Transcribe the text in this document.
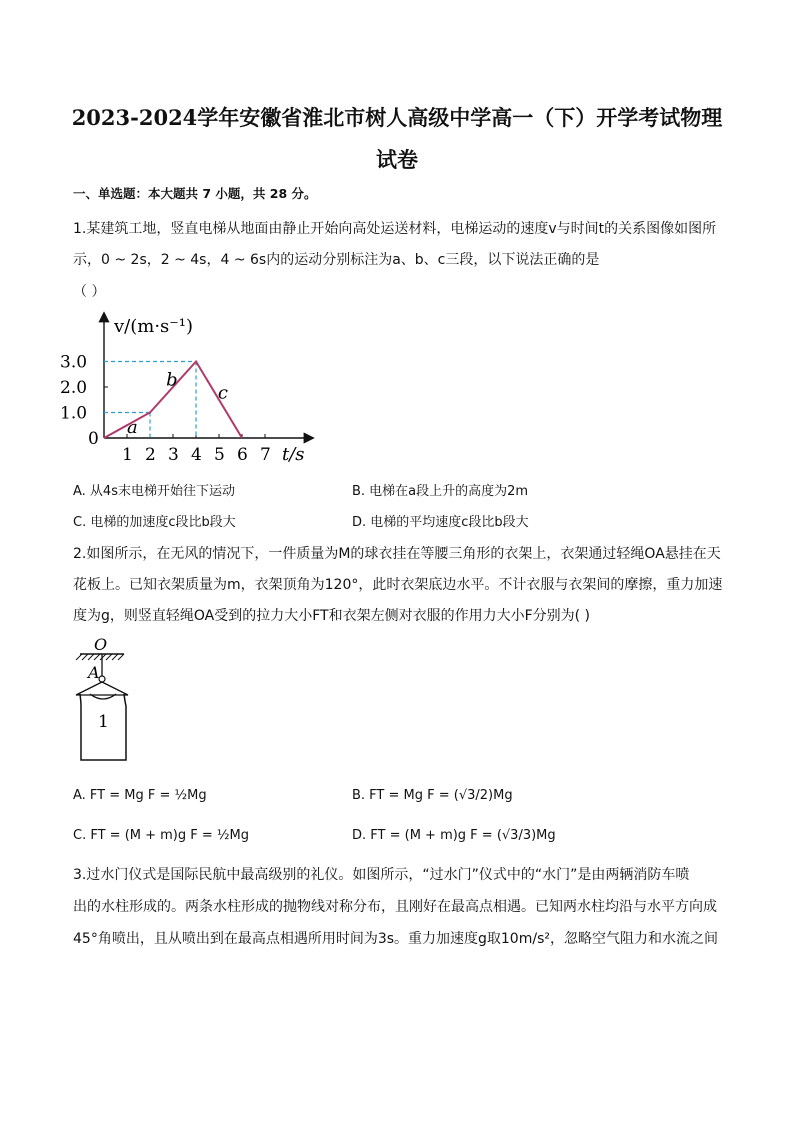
2023-2024学年安徽省淮北市树人高级中学高一（下）开学考试物理
试卷
一、单选题：本大题共 7 小题，共 28 分。
1.某建筑工地，竖直电梯从地面由静止开始向高处运送材料，电梯运动的速度v与时间t的关系图像如图所
示，0 ~ 2s，2 ~ 4s，4 ~ 6s内的运动分别标注为a、b、c三段，以下说法正确的是
（ ）
1 2 3 4 5 6 7
3.0
2.0
1.0
0
a
b
c
v/(m·s⁻¹)
t/s
A. 从4s末电梯开始往下运动	B. 电梯在a段上升的高度为2m
C. 电梯的加速度c段比b段大	D. 电梯的平均速度c段比b段大
2.如图所示，在无风的情况下，一件质量为M的球衣挂在等腰三角形的衣架上，衣架通过轻绳OA悬挂在天
花板上。已知衣架质量为m，衣架顶角为120°，此时衣架底边水平。不计衣服与衣架间的摩擦，重力加速
度为g，则竖直轻绳OA受到的拉力大小FT和衣架左侧对衣服的作用力大小F分别为( )
O
A
1
A. FT = Mg F = ½Mg	B. FT = Mg F = (√3/2)Mg
C. FT = (M + m)g F = ½Mg	D. FT = (M + m)g F = (√3/3)Mg
3.过水门仪式是国际民航中最高级别的礼仪。如图所示，“过水门”仪式中的“水门”是由两辆消防车喷
出的水柱形成的。两条水柱形成的抛物线对称分布，且刚好在最高点相遇。已知两水柱均沿与水平方向成
45°角喷出，且从喷出到在最高点相遇所用时间为3s。重力加速度g取10m/s²，忽略空气阻力和水流之间
